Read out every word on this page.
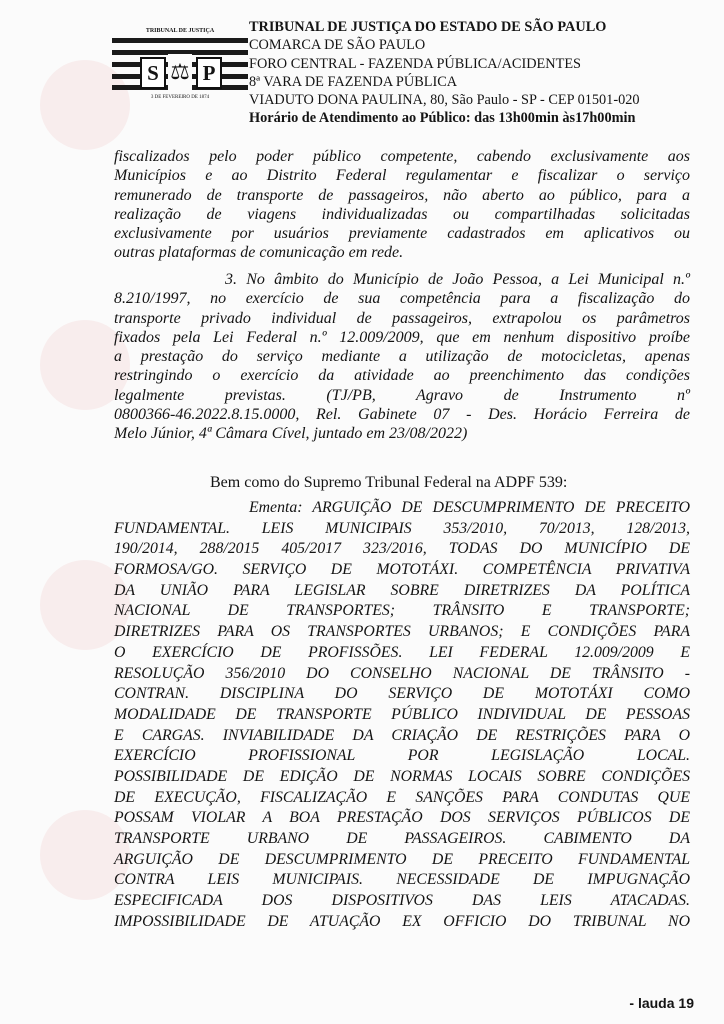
TRIBUNAL DE JUSTIÇA
S ⚖ P
3 DE FEVEREIRO DE 1874
TRIBUNAL DE JUSTIÇA DO ESTADO DE SÃO PAULO
COMARCA DE SÃO PAULO
FORO CENTRAL - FAZENDA PÚBLICA/ACIDENTES
8ª VARA DE FAZENDA PÚBLICA
VIADUTO DONA PAULINA, 80, São Paulo - SP - CEP 01501-020
Horário de Atendimento ao Público: das 13h00min às17h00min
fiscalizados pelo poder público competente, cabendo exclusivamente aos
Municípios e ao Distrito Federal regulamentar e fiscalizar o serviço
remunerado de transporte de passageiros, não aberto ao público, para a
realização de viagens individualizadas ou compartilhadas solicitadas
exclusivamente por usuários previamente cadastrados em aplicativos ou
outras plataformas de comunicação em rede.
3. No âmbito do Município de João Pessoa, a Lei Municipal n.º
8.210/1997, no exercício de sua competência para a fiscalização do
transporte privado individual de passageiros, extrapolou os parâmetros
fixados pela Lei Federal n.º 12.009/2009, que em nenhum dispositivo proíbe
a prestação do serviço mediante a utilização de motocicletas, apenas
restringindo o exercício da atividade ao preenchimento das condições
legalmente previstas. (TJ/PB, Agravo de Instrumento nº
0800366-46.2022.8.15.0000, Rel. Gabinete 07 - Des. Horácio Ferreira de
Melo Júnior, 4ª Câmara Cível, juntado em 23/08/2022)
Bem como do Supremo Tribunal Federal na ADPF 539:
Ementa: ARGUIÇÃO DE DESCUMPRIMENTO DE PRECEITO
FUNDAMENTAL. LEIS MUNICIPAIS 353/2010, 70/2013, 128/2013,
190/2014, 288/2015 405/2017 323/2016, TODAS DO MUNICÍPIO DE
FORMOSA/GO. SERVIÇO DE MOTOTÁXI. COMPETÊNCIA PRIVATIVA
DA UNIÃO PARA LEGISLAR SOBRE DIRETRIZES DA POLÍTICA
NACIONAL DE TRANSPORTES; TRÂNSITO E TRANSPORTE;
DIRETRIZES PARA OS TRANSPORTES URBANOS; E CONDIÇÕES PARA
O EXERCÍCIO DE PROFISSÕES. LEI FEDERAL 12.009/2009 E
RESOLUÇÃO 356/2010 DO CONSELHO NACIONAL DE TRÂNSITO -
CONTRAN. DISCIPLINA DO SERVIÇO DE MOTOTÁXI COMO
MODALIDADE DE TRANSPORTE PÚBLICO INDIVIDUAL DE PESSOAS
E CARGAS. INVIABILIDADE DA CRIAÇÃO DE RESTRIÇÕES PARA O
EXERCÍCIO PROFISSIONAL POR LEGISLAÇÃO LOCAL.
POSSIBILIDADE DE EDIÇÃO DE NORMAS LOCAIS SOBRE CONDIÇÕES
DE EXECUÇÃO, FISCALIZAÇÃO E SANÇÕES PARA CONDUTAS QUE
POSSAM VIOLAR A BOA PRESTAÇÃO DOS SERVIÇOS PÚBLICOS DE
TRANSPORTE URBANO DE PASSAGEIROS. CABIMENTO DA
ARGUIÇÃO DE DESCUMPRIMENTO DE PRECEITO FUNDAMENTAL
CONTRA LEIS MUNICIPAIS. NECESSIDADE DE IMPUGNAÇÃO
ESPECIFICADA DOS DISPOSITIVOS DAS LEIS ATACADAS.
IMPOSSIBILIDADE DE ATUAÇÃO EX OFFICIO DO TRIBUNAL NO
- lauda 19
